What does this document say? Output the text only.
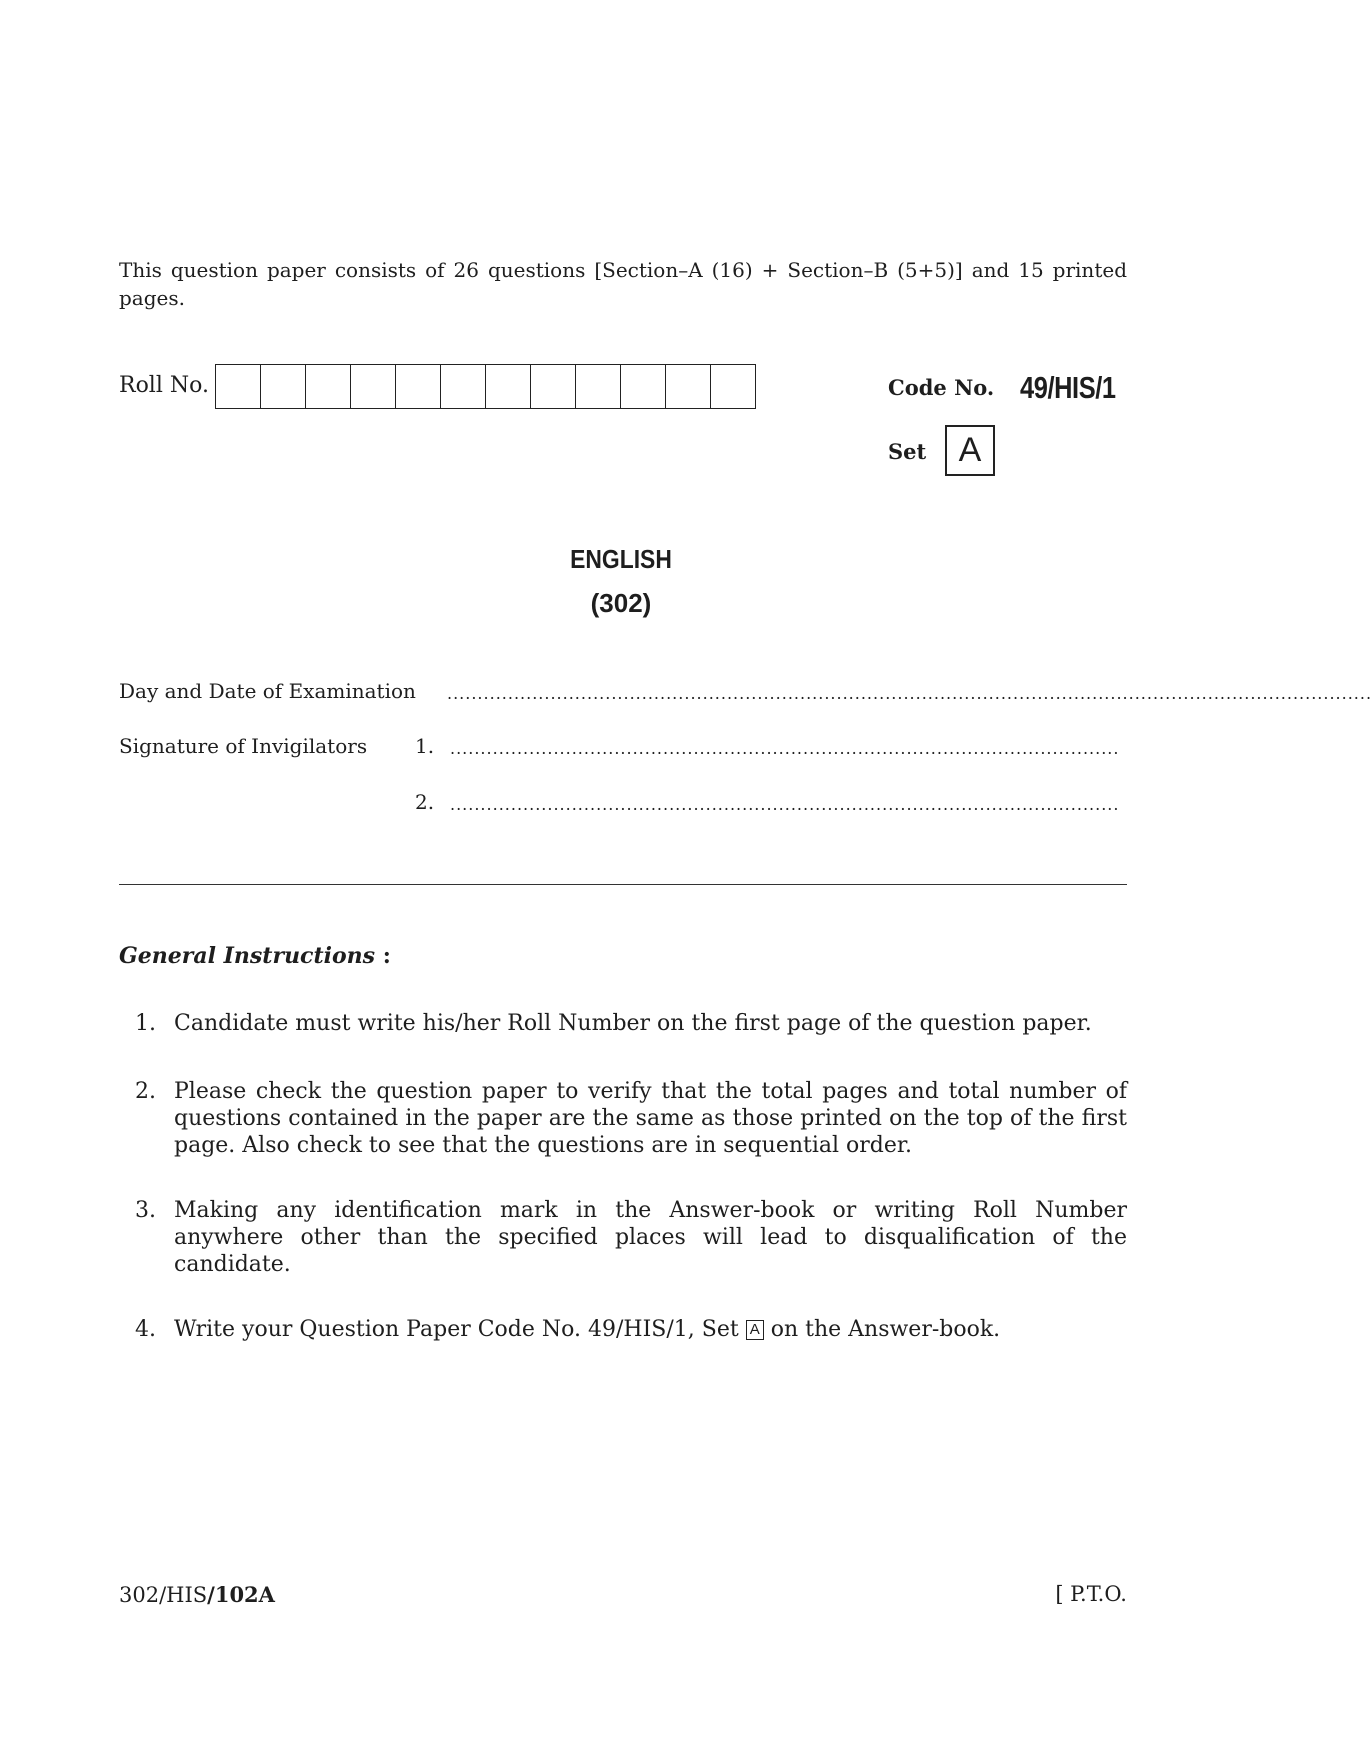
This question paper consists of 26 questions [Section–A (16) + Section–B (5+5)] and 15 printed pages.
Roll No.	Code No. 49/HIS/1
Set A
ENGLISH
(302)
Day and Date of Examination ........................................................................................................................................................
Signature of Invigilators 1. ..............................................................................................................
2. ..............................................................................................................
General Instructions :
1. Candidate must write his/her Roll Number on the first page of the question paper.
2. Please check the question paper to verify that the total pages and total number of questions contained in the paper are the same as those printed on the top of the first page. Also check to see that the questions are in sequential order.
3. Making any identification mark in the Answer-book or writing Roll Number anywhere other than the specified places will lead to disqualification of the candidate.
4. Write your Question Paper Code No. 49/HIS/1, Set A on the Answer-book.
302/HIS/102A	[ P.T.O.
